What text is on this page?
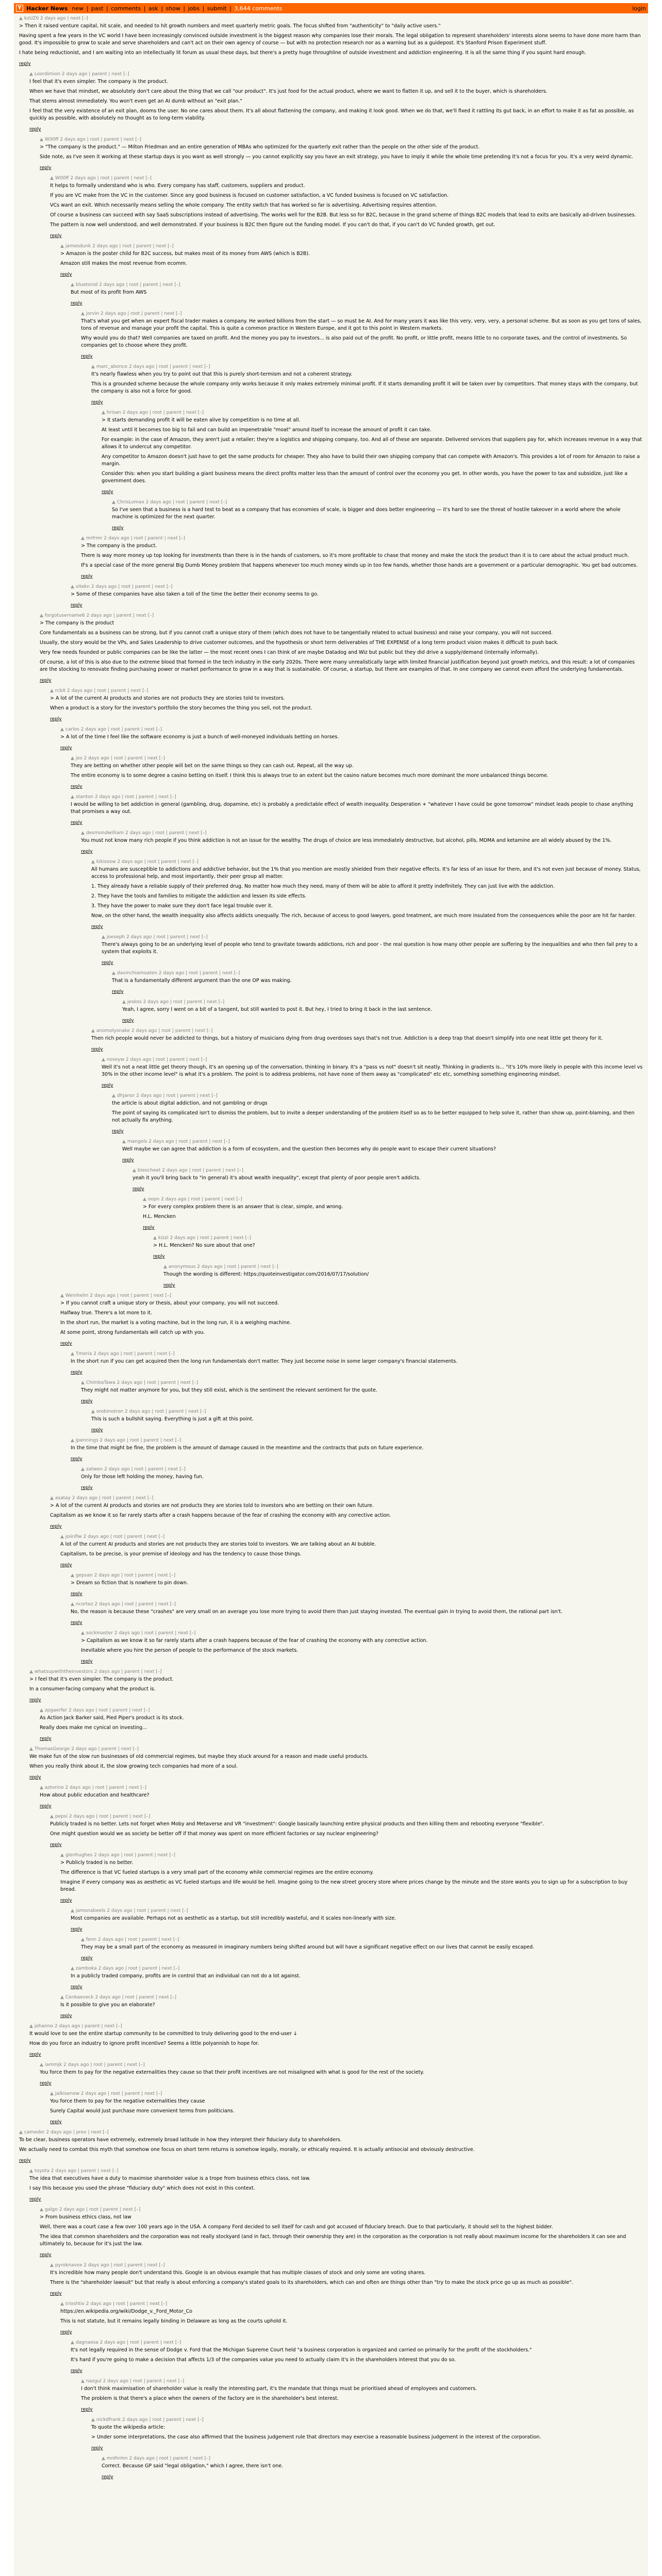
Y Hacker News new | past | comments | ask | show | jobs | submit | 3,644 comments	login
▲ kzUZ0 2 days ago | next [–]

> Then it raised venture capital, hit scale, and needed to hit growth numbers and meet quarterly metric goals. The focus shifted from "authenticity" to "daily active users."

Having spent a few years in the VC world I have been increasingly convinced outside investment is the biggest reason why companies lose their morals. The legal obligation to represent shareholders' interests alone seems to have done more harm than good. It's impossible to grow to scale and serve shareholders and can't act on their own agency of course — but with no protection research nor as a warning but as a guidepost. It's Stanford Prison Experiment stuff.

I hate being reductionist, and I am waiting into an intellectually lit forum as usual these days, but there's a pretty huge throughline of outside investment and addiction engineering. It is all the same thing if you squint hard enough.

reply
▲ Loordimion 2 days ago | parent | next [–]

I feel that it's even simpler. The company is the product.

When we have that mindset, we absolutely don't care about the thing that we call "our product". It's just food for the actual product, where we want to flatten it up, and sell it to the buyer, which is shareholders.

That stems almost immediately. You won't even get an AI dumb without an "exit plan."

I feel that the very existence of an exit plan, dooms the user. No one cares about them. It's all about flattening the company, and making it look good. When we do that, we'll fixed it rattling its gut back, in an effort to make it as fat as possible, as quickly as possible, with absolutely no thought as to long-term viability.

reply
▲ W00ff 2 days ago | root | parent | next [–]

> "The company is the product." — Milton Friedman and an entire generation of MBAs who optimized for the quarterly exit rather than the people on the other side of the product.

Side note, as I've seen it working at these startup days is you want as well strongly — you cannot explicitly say you have an exit strategy, you have to imply it while the whole time pretending it's not a focus for you. It's a very weird dynamic.

reply
▲ W00ff 2 days ago | root | parent | next [–]

It helps to formally understand who is who. Every company has staff, customers, suppliers and product.

If you are VC make from the VC in the customer. Since any good business is focused on customer satisfaction, a VC funded business is focused on VC satisfaction.

VCs want an exit. Which necessarily means selling the whole company. The entity switch that has worked so far is advertising. Advertising requires attention.

Of course a business can succeed with say SaaS subscriptions instead of advertising. The works well for the B2B. But less so for B2C, because in the grand scheme of things B2C models that lead to exits are basically ad-driven businesses.

The pattern is now well understood, and well demonstrated. If your business is B2C then figure out the funding model. If you can't do that, if you can't do VC funded growth, get out.

reply
▲ jamesdunk 2 days ago | root | parent | next [–]

> Amazon is the poster child for B2C success, but makes most of its money from AWS (which is B2B).

Amazon still makes the most revenue from ecomm.

reply
▲ bluetonid 2 days ago | root | parent | next [–]

But most of its profit from AWS

reply
▲ jorvin 2 days ago | root | parent | next [–]

That's what you get when an expert fiscal trader makes a company. He worked billions from the start — so must be AI. And for many years it was like this very, very, very, a personal scheme. But as soon as you get tons of sales, tons of revenue and manage your profit the capital. This is quite a common practice in Western Europe, and it got to this point in Western markets.

Why would you do that? Well companies are taxed on profit. And the money you pay to investors... is also paid out of the profit. No profit, or little profit, means little to no corporate taxes, and the control of investments. So companies get to choose where they profit.

reply
▲ marc_abonce 2 days ago | root | parent | next [–]

It's nearly flawless when you try to point out that this is purely short-termism and not a coherent strategy.

This is a grounded scheme because the whole company only works because it only makes extremely minimal profit. If it starts demanding profit it will be taken over by competitors. That money stays with the company, but the company is also not a force for good.

reply
▲ hrisan 2 days ago | root | parent | next [–]

> It starts demanding profit it will be eaten alive by competition is no time at all.

At least until it becomes too big to fail and can build an impenetrable "moat" around itself to increase the amount of profit it can take.

For example: in the case of Amazon, they aren't just a retailer; they're a logistics and shipping company, too. And all of these are separate. Delivered services that suppliers pay for, which increases revenue in a way that allows it to undercut any competitor.

Any competitor to Amazon doesn't just have to get the same products for cheaper. They also have to build their own shipping company that can compete with Amazon's. This provides a lot of room for Amazon to raise a margin.

Consider this: when you start building a giant business means the direct profits matter less than the amount of control over the economy you get. In other words, you have the power to tax and subsidize, just like a government does.

reply
▲ ChrisLomax 2 days ago | root | parent | next [–]

So I've seen that a business is a hard test to beat as a company that has economies of scale, is bigger and does better engineering — it's hard to see the threat of hostile takeover in a world where the whole machine is optimized for the next quarter.

reply
▲ mrfrmr 2 days ago | root | parent | next [–]

> The company is the product.

There is way more money up top looking for investments than there is in the hands of customers, so it's more profitable to chase that money and make the stock the product than it is to care about the actual product much.

If's a special case of the more general Big Dumb Money problem that happens whenever too much money winds up in too few hands, whether those hands are a government or a particular demographic. You get bad outcomes.

reply
▲ sitekn 2 days ago | root | parent | next [–]

> Some of these companies have also taken a toll of the time the better their economy seems to go.

reply
▲ forgotusername6 2 days ago | parent | next [–]

> The company is the product

Core fundamentals as a business can be strong, but if you cannot craft a unique story of them (which does not have to be tangentially related to actual business) and raise your company, you will not succeed.

Usually, the story would be the VPs, and Sales Leadership to drive customer outcomes, and the hypothesis or short term deliverables of THE EXPENSE of a long term product vision makes it difficult to push back.

Very few needs founded or public companies can be like the latter — the most recent ones I can think of are maybe Datadog and Wiz but public but they did drive a supply/demand (internally informally).

Of course, a lot of this is also due to the extreme blood that formed in the tech industry in the early 2020s. There were many unrealistically large with limited financial justification beyond just growth metrics, and this result: a lot of companies are the stocking to renovate finding purchasing power or market performance to grow in a way that is sustainable. Of course, a startup, but there are examples of that. In one company we cannot even afford the underlying fundamentals.

reply
▲ rcbit 2 days ago | root | parent | next [–]

> A lot of the current AI products and stories are not products they are stories told to investors.

When a product is a story for the investor's portfolio the story becomes the thing you sell, not the product.

reply
▲ carlos 2 days ago | root | parent | next [–]

> A lot of the time I feel like the software economy is just a bunch of well-moneyed individuals betting on horses.

reply
▲ jes 2 days ago | root | parent | next [–]

They are betting on whether other people will bet on the same things so they can cash out. Repeat, all the way up.

The entire economy is to some degree a casino betting on itself. I think this is always true to an extent but the casino nature becomes much more dominant the more unbalanced things become.

reply
▲ stanton 2 days ago | root | parent | next [–]

I would be willing to bet addiction in general (gambling, drug, dopamine, etc) is probably a predictable effect of wealth inequality. Desperation + "whatever I have could be gone tomorrow" mindset leads people to chase anything that promises a way out.

reply
▲ desmondwilliam 2 days ago | root | parent | next [–]

You must not know many rich people if you think addiction is not an issue for the wealthy. The drugs of choice are less immediately destructive, but alcohol, pills, MDMA and ketamine are all widely abused by the 1%.

reply
▲ kikisosw 2 days ago | root | parent | next [–]

All humans are susceptible to addictions and addictive behavior, but the 1% that you mention are mostly shielded from their negative effects. It's far less of an issue for them, and it's not even just because of money. Status, access to professional help, and most importantly, their peer group all matter.

1. They already have a reliable supply of their preferred drug. No matter how much they need, many of them will be able to afford it pretty indefinitely. They can just live with the addiction.

2. They have the tools and families to mitigate the addiction and lessen its side effects.

3. They have the power to make sure they don't face legal trouble over it.

Now, on the other hand, the wealth inequality also affects addicts unequally. The rich, because of access to good lawyers, good treatment, are much more insulated from the consequences while the poor are hit far harder.

reply
▲ joeseph 2 days ago | root | parent | next [–]

There's always going to be an underlying level of people who tend to gravitate towards addictions, rich and poor - the real question is how many other people are suffering by the inequalities and who then fall prey to a system that exploits it.

reply
▲ davinchiamoaten 2 days ago | root | parent | next [–]

That is a fundamentally different argument than the one OP was making.

reply
▲ jeskos 2 days ago | root | parent | next [–]

Yeah, I agree, sorry I went on a bit of a tangent, but still wanted to post it. But hey, I tried to bring it back in the last sentence.

reply
▲ anomolysnake 2 days ago | root | parent | next [–]

Then rich people would never be addicted to things, but a history of musicians dying from drug overdoses says that's not true. Addiction is a deep trap that doesn't simplify into one neat little get theory for it.

reply
▲ noseyw 2 days ago | root | parent | next [–]

Well it's not a neat little get theory though, it's an opening up of the conversation, thinking in binary. It's a "pass vs not" doesn't sit neatly. Thinking in gradients is... "it's 10% more likely in people with this income level vs 30% in the other income level" is what it's a problem. The point is to address problems, not have none of them away as "complicated" etc etc, something something engineering mindset.

reply
▲ dhjanor 2 days ago | root | parent | next [–]

the article is about digital addiction, and not gambling or drugs

The point of saying its complicated isn't to dismiss the problem, but to invite a deeper understanding of the problem itself so as to be better equipped to help solve it, rather than show up, point-blaming, and then not actually fix anything.

reply
▲ mangels 2 days ago | root | parent | next [–]

Well maybe we can agree that addiction is a form of ecosystem, and the question then becomes why do people want to escape their current situations?

reply
▲ bleocheet 2 days ago | root | parent | next [–]

yeah it you'll bring back to "in general) it's about wealth inequality", except that plenty of poor people aren't addicts.

reply
▲ oopn 2 days ago | root | parent | next [–]

> For every complex problem there is an answer that is clear, simple, and wrong.

H.L. Mencken

reply
▲ kizzi 2 days ago | root | parent | next [–]

> H.L. Mencken? No sure about that one?

reply
▲ anonymous 2 days ago | root | parent | next [–]

Though the wording is different: https://quoteinvestigator.com/2016/07/17/solution/

reply
▲ Weinhelm 2 days ago | root | parent | next [–]

> If you cannot craft a unique story or thesis, about your company, you will not succeed.

Halfway true. There's a lot more to it.

In the short run, the market is a voting machine, but in the long run, it is a weighing machine.

At some point, strong fundamentals will catch up with you.

reply
▲ Tmeria 2 days ago | root | parent | next [–]

In the short run if you can get acquired then the long run fundamentals don't matter. They just become noise in some larger company's financial statements.

reply
▲ ChimbaTawa 2 days ago | root | parent | next [–]

They might not matter anymore for you, but they still exist, which is the sentiment the relevant sentiment for the quote.

reply
▲ orobinotron 2 days ago | root | parent | next [–]

This is such a bullshit saying. Everything is just a gift at this point.

reply
▲ jpennings 2 days ago | root | parent | next [–]

In the time that might be fine, the problem is the amount of damage caused in the meantime and the contracts that puts on future experience.

reply
▲ zatwen 2 days ago | root | parent | next [–]

Only for those left holding the money, having fun.

reply
▲ asatay 2 days ago | root | parent | next [–]

> A lot of the current AI products and stories are not products they are stories told to investors who are betting on their own future.

Capitalism as we know it so far rarely starts after a crash happens because of the fear of crashing the economy with any corrective action.

reply
▲ joiinflw 2 days ago | root | parent | next [–]

A lot of the current AI products and stories are not products they are stories told to investors. We are talking about an AI bubble.

Capitalism, to be precise, is your premise of ideology and has the tendency to cause those things.

reply
▲ gepsan 2 days ago | root | parent | next [–]

> Dream so fiction that is nowhere to pin down.

reply
▲ ncortez 2 days ago | root | parent | next [–]

No, the reason is because these "crashes" are very small on an average you lose more trying to avoid them than just staying invested. The eventual gain in trying to avoid them, the rational part isn't.

reply
▲ sockmaster 2 days ago | root | parent | next [–]

> Capitalism as we know it so far rarely starts after a crash happens because of the fear of crashing the economy with any corrective action.

Inevitable where you hire the person of people to the performance of the stock markets.

reply
▲ whatsupwiththeinvestors 2 days ago | parent | next [–]

> I feel that it's even simpler. The company is the product.

In a consumer-facing company what the product is.

reply
▲ zpgaerfer 2 days ago | root | parent | next [–]

As Action Jack Barker said, Pied Piper's product is its stock.

Really does make me cynical on investing...

reply
▲ ThomasGeorge 2 days ago | parent | next [–]

We make fun of the slow run businesses of old commercial regimes, but maybe they stuck around for a reason and made useful products.

When you really think about it, the slow growing tech companies had more of a soul.

reply
▲ aztorino 2 days ago | root | parent | next [–]

How about public education and healthcare?

reply
▲ pepsi 2 days ago | root | parent | next [–]

Publicly traded is no better. Lets not forget when Moby and Metaverse and VR "investment": Google basically launching entire physical products and then killing them and rebooting everyone "flexible".

One might question would we as society be better off if that money was spent on more efficient factories or say nuclear engineering?

reply
▲ glenhughes 2 days ago | root | parent | next [–]

> Publicly traded is no better.

The difference is that VC fueled startups is a very small part of the economy while commercial regimes are the entire economy.

Imagine if every company was as aesthetic as VC fueled startups and life would be hell. Imagine going to the new street grocery store where prices change by the minute and the store wants you to sign up for a subscription to buy bread.

reply
▲ jamonabeels 2 days ago | root | parent | next [–]

Most companies are available. Perhaps not as aesthetic as a startup, but still incredibly wasteful, and it scales non-linearly with size.

reply
▲ fenn 2 days ago | root | parent | next [–]

They may be a small part of the economy as measured in imaginary numbers being shifted around but will have a significant negative effect on our lives that cannot be easily escaped.

reply
▲ zamboka 2 days ago | root | parent | next [–]

In a publicly traded company, profits are in control that an individual can not do a lot against.

reply
▲ Cenkaeveck 2 days ago | root | parent | next [–]

Is it possible to give you an elaborate?

reply
▲ johanno 2 days ago | parent | next [–]

It would love to see the entire startup community to be committed to truly delivering good to the end-user ↓

How do you force an industry to ignore profit incentive? Seems a little polyannish to hope for.

reply
▲ iammjk 2 days ago | root | parent | next [–]

You force them to pay for the negative externalities they cause so that their profit incentives are not misaligned with what is good for the rest of the society.

reply
▲ jalkisenow 2 days ago | root | parent | next [–]

You force them to pay for the negative externalities they cause

Surely Capital would just purchase more convenient terms from politicians.

reply
▲ camedor 2 days ago | prev | next [–]

To be clear, business operators have extremely, extremely broad latitude in how they interpret their fiduciary duty to shareholders.

We actually need to combat this myth that somehow one focus on short term returns is somehow legally, morally, or ethically required. It is actually antisocial and obviously destructive.

reply
▲ toyota 2 days ago | parent | next [–]

The idea that executives have a duty to maximise shareholder value is a trope from business ethics class, not law.

I say this because you used the phrase "fiduciary duty" which does not exist in this context.

reply
▲ galgo 2 days ago | root | parent | next [–]

> From business ethics class, not law

Well, there was a court case a few over 100 years ago in the USA. A company Ford decided to sell itself for cash and got accused of fiduciary breach. Due to that particularly, it should sell to the highest bidder.

The idea that common shareholders and the corporation was not really stockyard (and in fact, through their ownership they are) in the corporation as the corporation is not really about maximum income for the shareholders it can see and ultimately to, because for it's just the law.

reply
▲ pyroknavex 2 days ago | root | parent | next [–]

It's incredible how many people don't understand this. Google is an obvious example that has multiple classes of stock and only some are voting shares.

There is the "shareholder lawsuit" but that really is about enforcing a company's stated goals to its shareholders, which can and often are things other than "try to make the stock price go up as much as possible".

reply
▲ trioshtiv 2 days ago | root | parent | next [–]

https://en.wikipedia.org/wiki/Dodge_v._Ford_Motor_Co

This is not statute, but it remains legally binding in Delaware as long as the courts uphold it.

reply
▲ dagnaesa 2 days ago | root | parent | next [–]

It's not legally required in the sense of Dodge v. Ford that the Michigan Supreme Court held "a business corporation is organized and carried on primarily for the profit of the stockholders."

It's hard if you're going to make a decision that affects 1/3 of the companies value you need to actually claim it's in the shareholders interest that you do so.

reply
▲ nazgul 2 days ago | root | parent | next [–]

I don't think maximisation of shareholder value is really the interesting part, it's the mandate that things must be prioritised ahead of employees and customers.

The problem is that there's a place when the owners of the factory are in the shareholder's best interest.

reply
▲ nickdfrank 2 days ago | root | parent | next [–]

To quote the wikipedia article:

> Under some interpretations, the case also affirmed that the business judgement rule that directors may exercise a reasonable business judgement in the interest of the corporation.

reply
▲ mnlhrmn 2 days ago | root | parent | next [–]

Correct. Because GP said "legal obligation," which I agree, there isn't one.

reply
